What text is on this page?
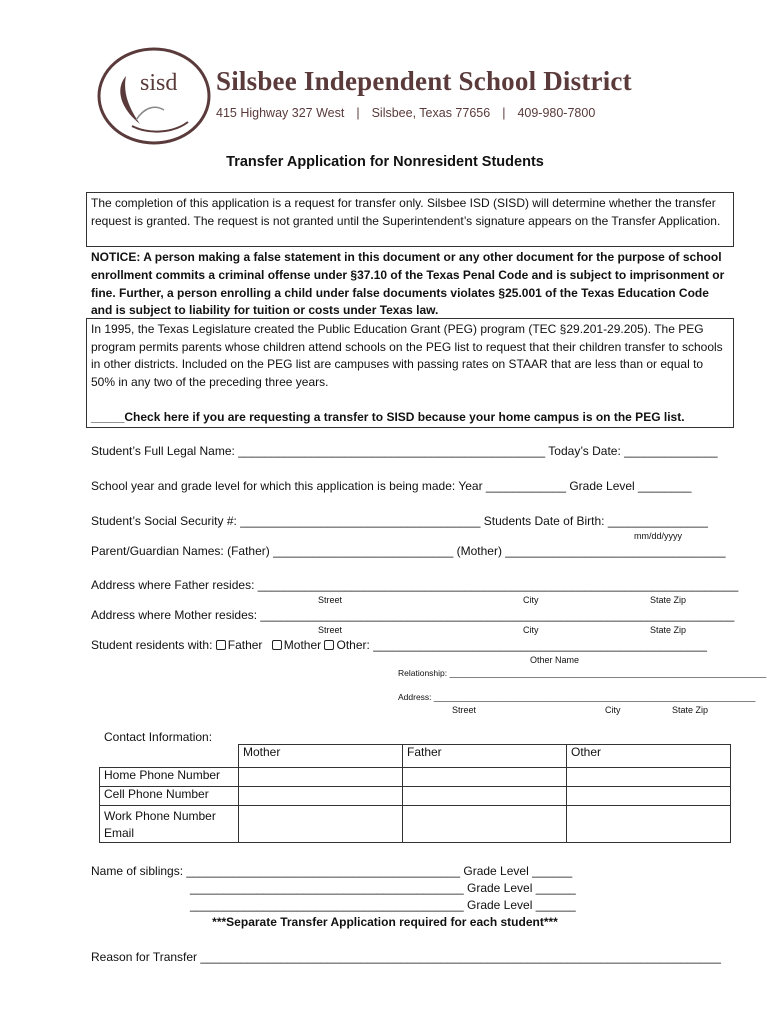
sisd Silsbee Independent School District
415 Highway 327 West | Silsbee, Texas 77656 | 409-980-7800
Transfer Application for Nonresident Students
The completion of this application is a request for transfer only. Silsbee ISD (SISD) will determine whether the transfer request is granted. The request is not granted until the Superintendent’s signature appears on the Transfer Application.
NOTICE: A person making a false statement in this document or any other document for the purpose of school enrollment commits a criminal offense under §37.10 of the Texas Penal Code and is subject to imprisonment or fine. Further, a person enrolling a child under false documents violates §25.001 of the Texas Education Code and is subject to liability for tuition or costs under Texas law.
In 1995, the Texas Legislature created the Public Education Grant (PEG) program (TEC §29.201-29.205). The PEG program permits parents whose children attend schools on the PEG list to request that their children transfer to schools in other districts. Included on the PEG list are campuses with passing rates on STAAR that are less than or equal to 50% in any two of the preceding three years.
_____Check here if you are requesting a transfer to SISD because your home campus is on the PEG list.
Student’s Full Legal Name: ______________________________________________ Today’s Date: ______________
School year and grade level for which this application is being made: Year ____________ Grade Level ________
Student’s Social Security #: ____________________________________ Students Date of Birth: _______________
mm/dd/yyyy
Parent/Guardian Names: (Father) ___________________________ (Mother) _________________________________
Address where Father resides: ________________________________________________________________________
Street	City	State Zip
Address where Mother resides: _______________________________________________________________________
Street	City	State Zip
Student residents with: Father Mother Other: __________________________________________________
Other Name
Relationship: ___________________________________________________________________
Address: ____________________________________________________________________
Street	City	State Zip
Contact Information:
	Mother	Father	Other
Home Phone Number			
Cell Phone Number			
Work Phone Number
Email			
Name of siblings: _________________________________________ Grade Level ______
_________________________________________ Grade Level ______
_________________________________________ Grade Level ______
***Separate Transfer Application required for each student***
Reason for Transfer ______________________________________________________________________________
